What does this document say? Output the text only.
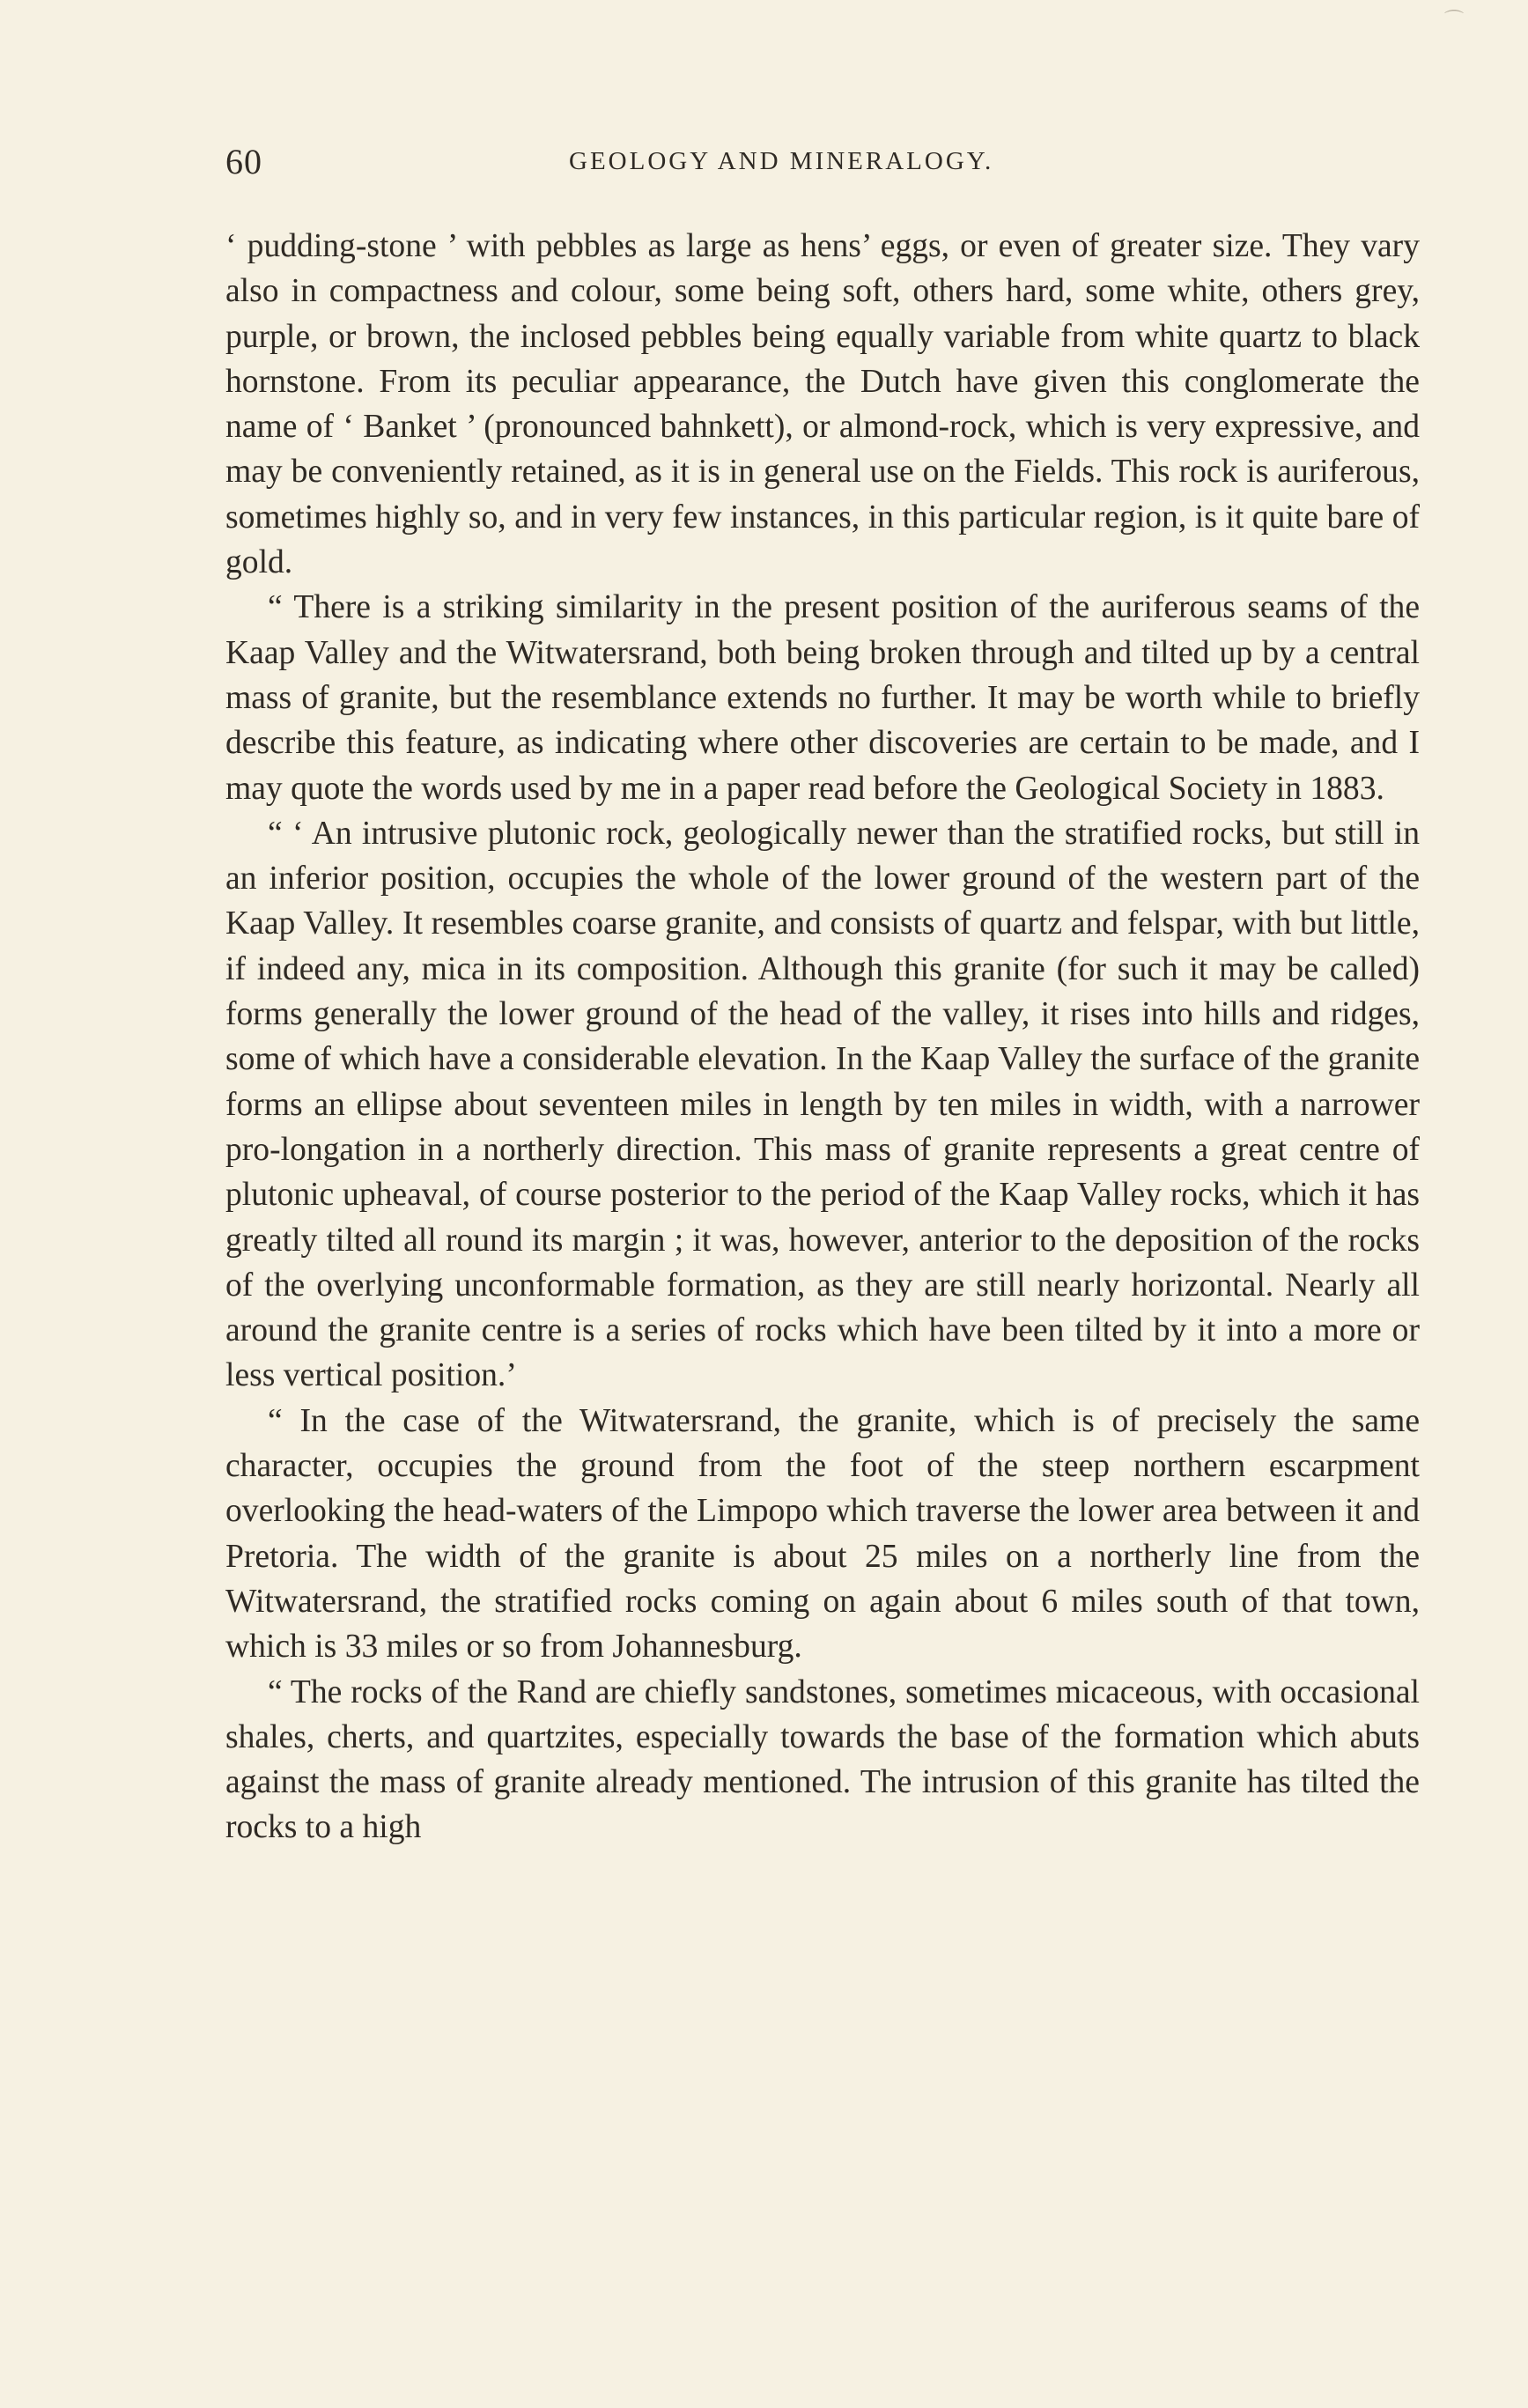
⌒
60	GEOLOGY AND MINERALOGY.

‘ pudding-stone ’ with pebbles as large as hens’ eggs, or even of greater size. They vary also in compactness and colour, some being soft, others hard, some white, others grey, purple, or brown, the inclosed pebbles being equally variable from white quartz to black hornstone. From its peculiar appearance, the Dutch have given this conglomerate the name of ‘ Banket ’ (pronounced bahnkett), or almond-rock, which is very expressive, and may be conveniently retained, as it is in general use on the Fields. This rock is auriferous, sometimes highly so, and in very few instances, in this particular region, is it quite bare of gold.

“ There is a striking similarity in the present position of the auriferous seams of the Kaap Valley and the Witwatersrand, both being broken through and tilted up by a central mass of granite, but the resemblance extends no further. It may be worth while to briefly describe this feature, as indicating where other discoveries are certain to be made, and I may quote the words used by me in a paper read before the Geological Society in 1883.

“ ‘ An intrusive plutonic rock, geologically newer than the stratified rocks, but still in an inferior position, occupies the whole of the lower ground of the western part of the Kaap Valley. It resembles coarse granite, and consists of quartz and felspar, with but little, if indeed any, mica in its composition. Although this granite (for such it may be called) forms generally the lower ground of the head of the valley, it rises into hills and ridges, some of which have a considerable elevation. In the Kaap Valley the surface of the granite forms an ellipse about seventeen miles in length by ten miles in width, with a narrower pro-longation in a northerly direction. This mass of granite represents a great centre of plutonic upheaval, of course posterior to the period of the Kaap Valley rocks, which it has greatly tilted all round its margin ; it was, however, anterior to the deposition of the rocks of the overlying unconformable formation, as they are still nearly horizontal. Nearly all around the granite centre is a series of rocks which have been tilted by it into a more or less vertical position.’

“ In the case of the Witwatersrand, the granite, which is of precisely the same character, occupies the ground from the foot of the steep northern escarpment overlooking the head-waters of the Limpopo which traverse the lower area between it and Pretoria. The width of the granite is about 25 miles on a northerly line from the Witwatersrand, the stratified rocks coming on again about 6 miles south of that town, which is 33 miles or so from Johannesburg.

“ The rocks of the Rand are chiefly sandstones, sometimes micaceous, with occasional shales, cherts, and quartzites, especially towards the base of the formation which abuts against the mass of granite already mentioned. The intrusion of this granite has tilted the rocks to a high
